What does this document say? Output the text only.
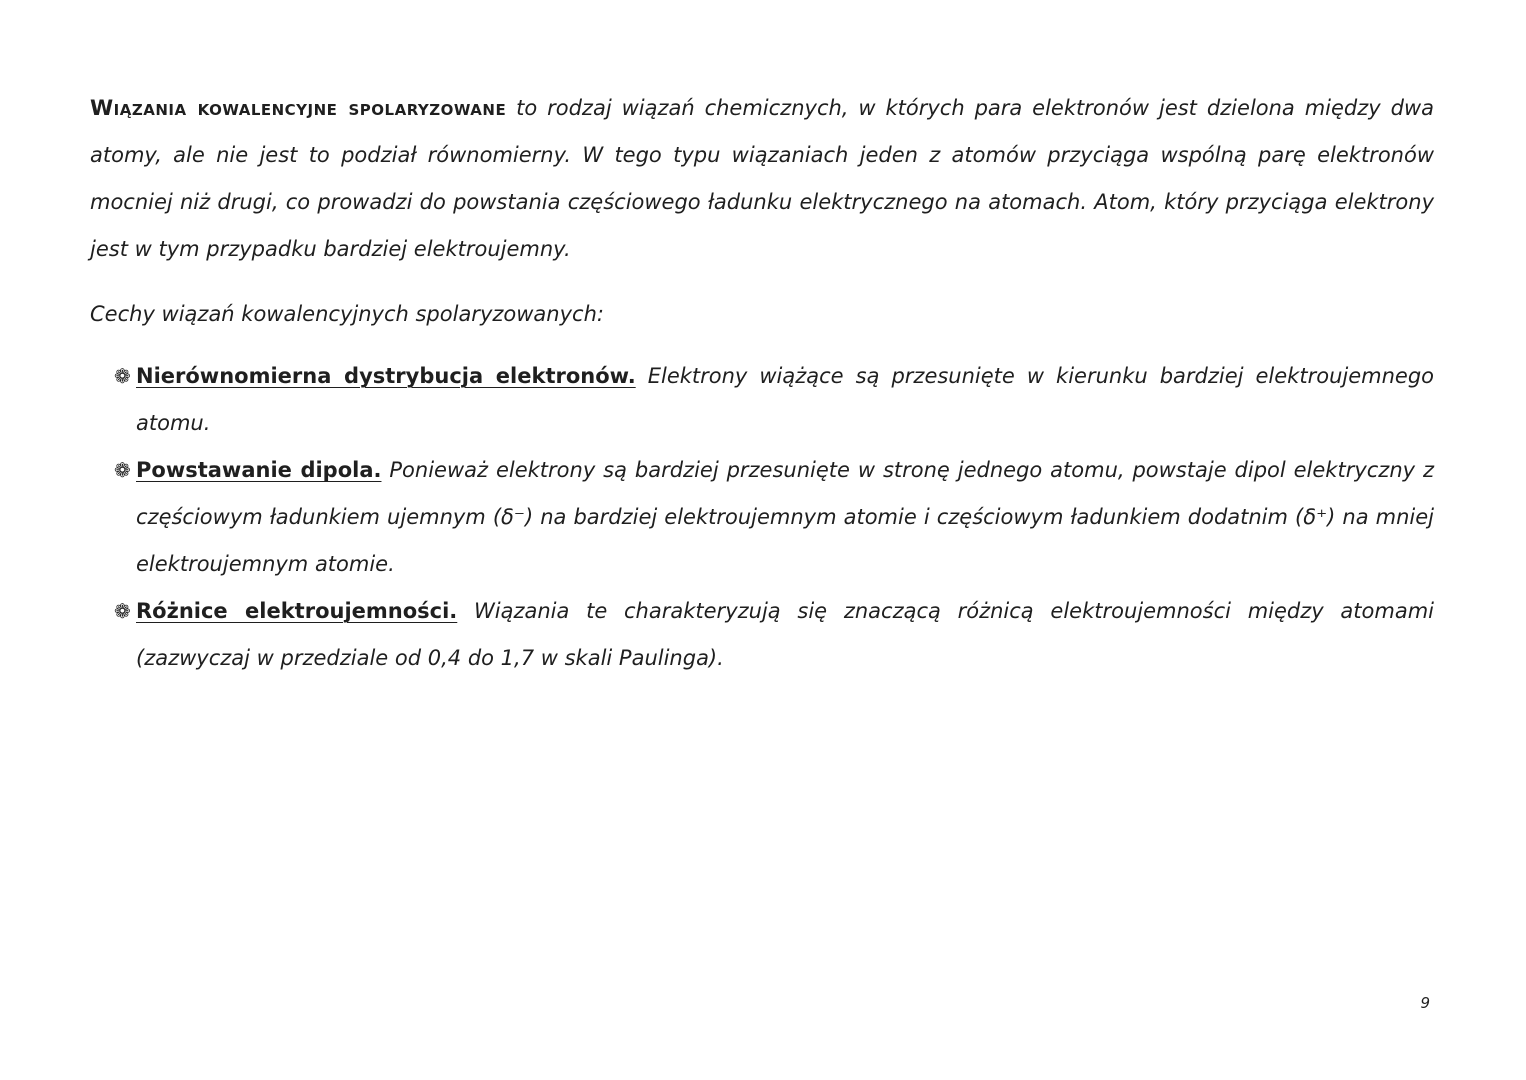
Wiązania kowalencyjne spolaryzowane to rodzaj wiązań chemicznych, w których para elektronów jest dzielona między dwa atomy, ale nie jest to podział równomierny. W tego typu wiązaniach jeden z atomów przyciąga wspólną parę elektronów mocniej niż drugi, co prowadzi do powstania częściowego ładunku elektrycznego na atomach. Atom, który przyciąga elektrony jest w tym przypadku bardziej elektroujemny.

Cechy wiązań kowalencyjnych spolaryzowanych:

❁ Nierównomierna dystrybucja elektronów. Elektrony wiążące są przesunięte w kierunku bardziej elektroujemnego atomu.
❁ Powstawanie dipola. Ponieważ elektrony są bardziej przesunięte w stronę jednego atomu, powstaje dipol elektryczny z częściowym ładunkiem ujemnym (δ⁻) na bardziej elektroujemnym atomie i częściowym ładunkiem dodatnim (δ⁺) na mniej elektroujemnym atomie.
❁ Różnice elektroujemności. Wiązania te charakteryzują się znaczącą różnicą elektroujemności między atomami (zazwyczaj w przedziale od 0,4 do 1,7 w skali Paulinga).
9
